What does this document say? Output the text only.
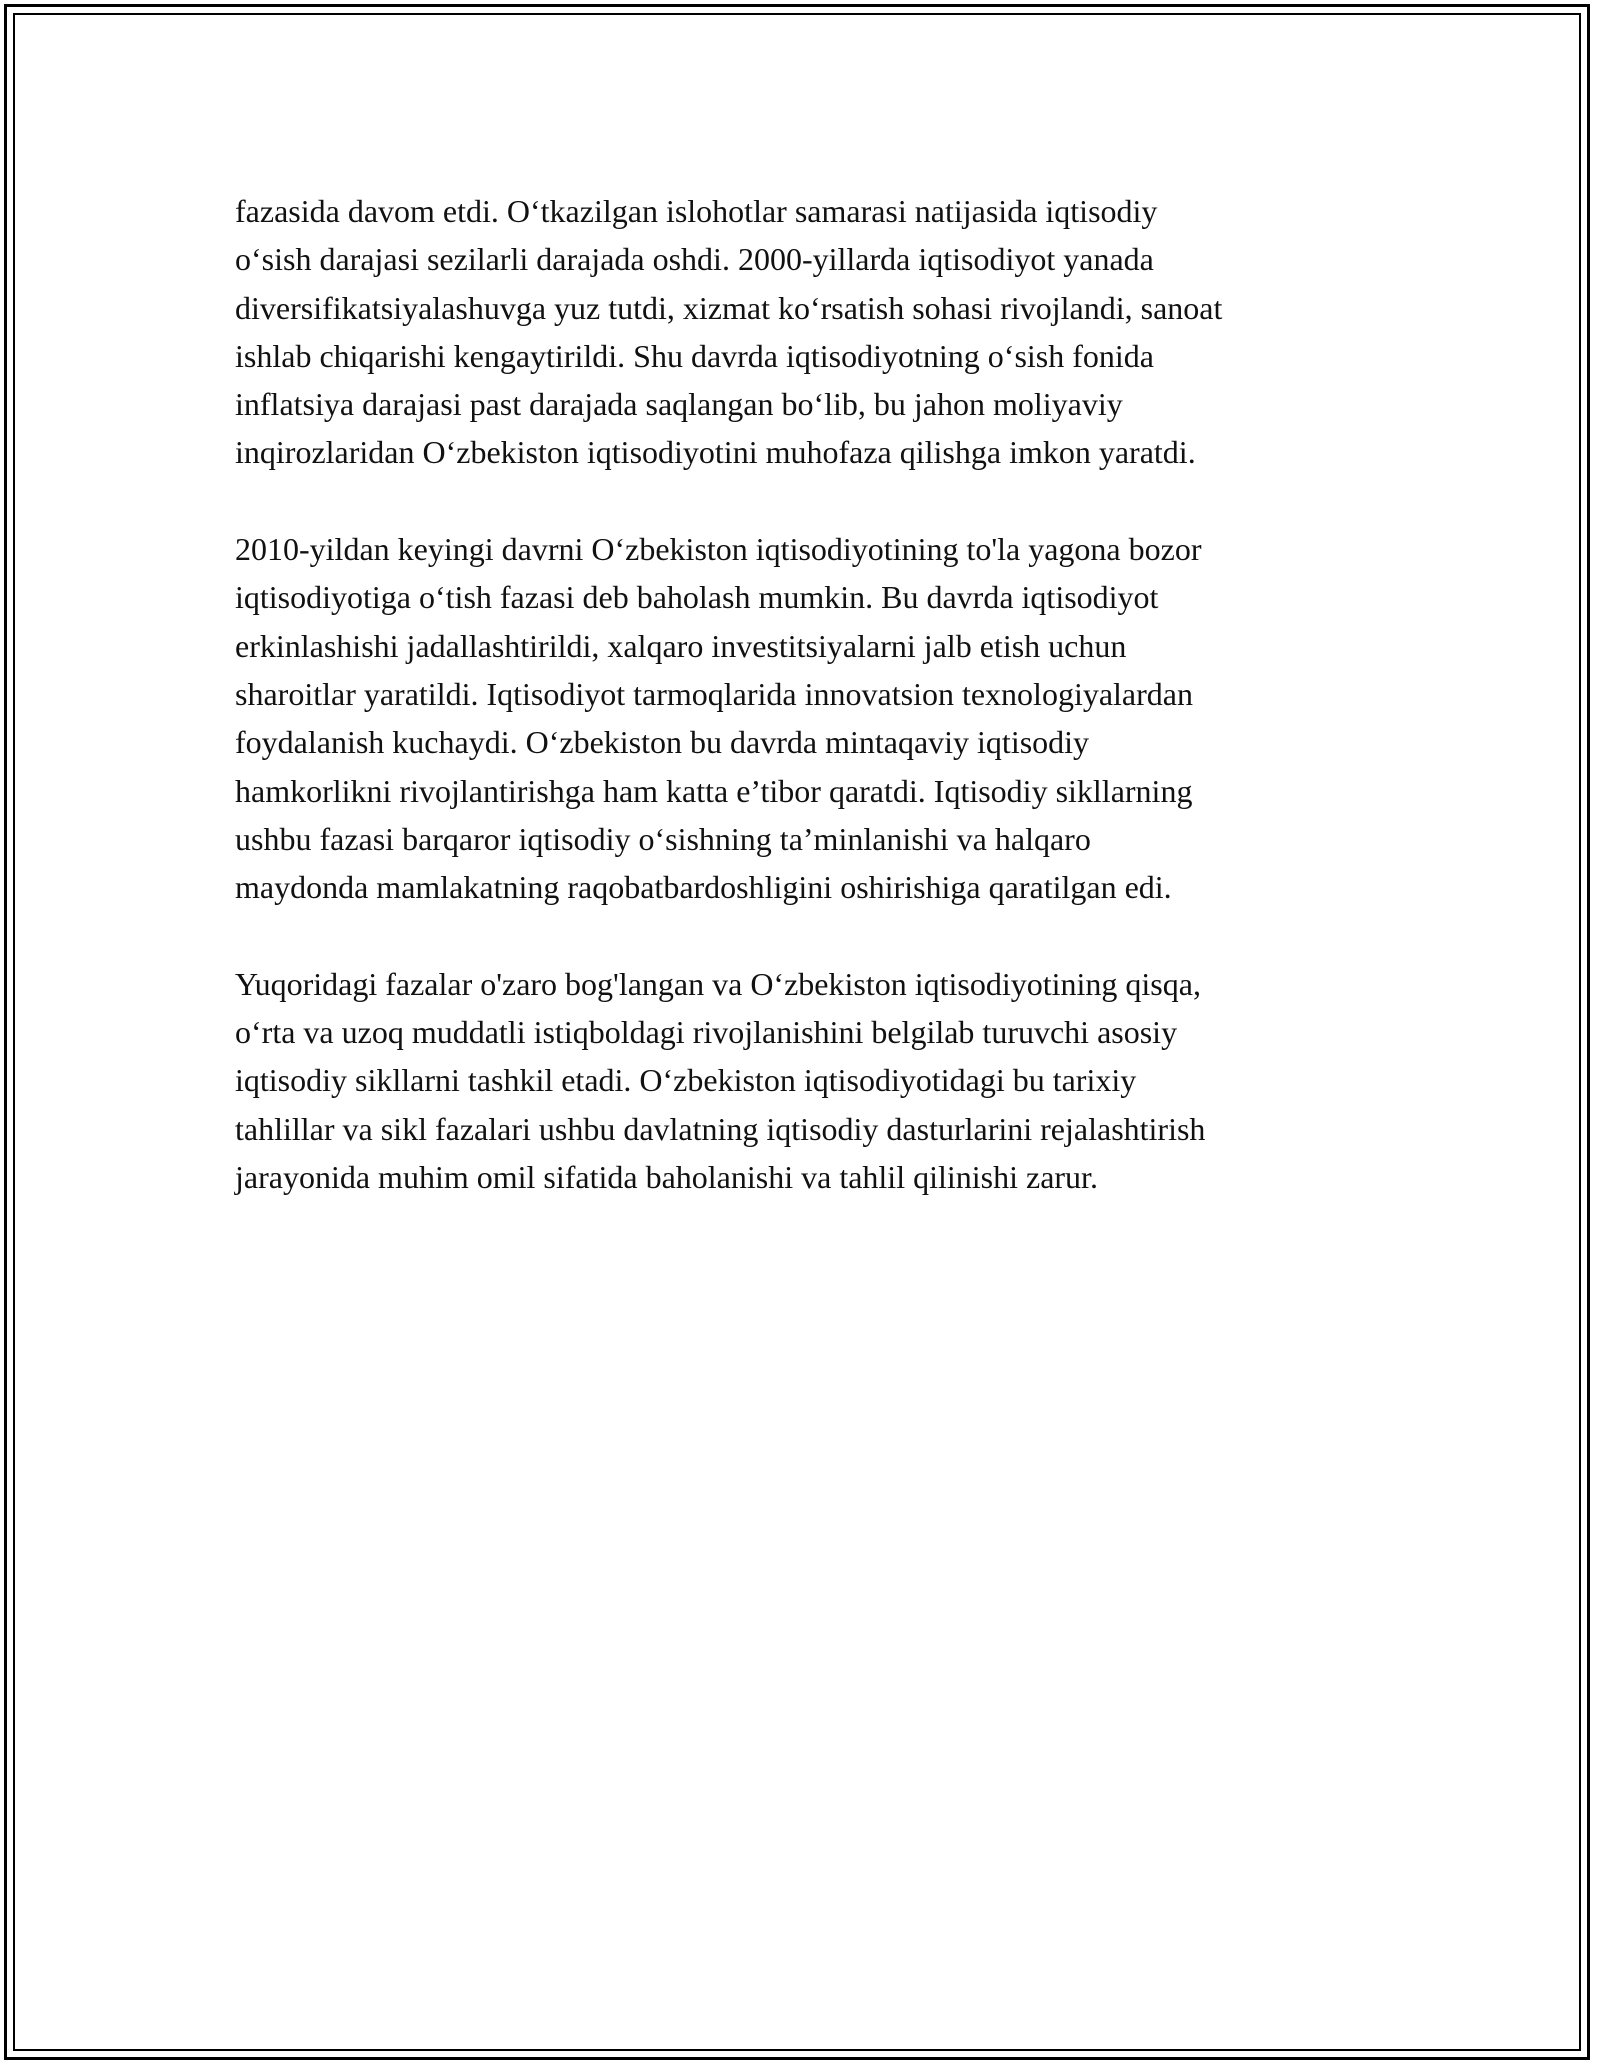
fazasida davom etdi. O‘tkazilgan islohotlar samarasi natijasida iqtisodiy
o‘sish darajasi sezilarli darajada oshdi. 2000-yillarda iqtisodiyot yanada
diversifikatsiyalashuvga yuz tutdi, xizmat ko‘rsatish sohasi rivojlandi, sanoat
ishlab chiqarishi kengaytirildi. Shu davrda iqtisodiyotning o‘sish fonida
inflatsiya darajasi past darajada saqlangan bo‘lib, bu jahon moliyaviy
inqirozlaridan O‘zbekiston iqtisodiyotini muhofaza qilishga imkon yaratdi.

2010-yildan keyingi davrni O‘zbekiston iqtisodiyotining to'la yagona bozor
iqtisodiyotiga o‘tish fazasi deb baholash mumkin. Bu davrda iqtisodiyot
erkinlashishi jadallashtirildi, xalqaro investitsiyalarni jalb etish uchun
sharoitlar yaratildi. Iqtisodiyot tarmoqlarida innovatsion texnologiyalardan
foydalanish kuchaydi. O‘zbekiston bu davrda mintaqaviy iqtisodiy
hamkorlikni rivojlantirishga ham katta e’tibor qaratdi. Iqtisodiy sikllarning
ushbu fazasi barqaror iqtisodiy o‘sishning ta’minlanishi va halqaro
maydonda mamlakatning raqobatbardoshligini oshirishiga qaratilgan edi.

Yuqoridagi fazalar o'zaro bog'langan va O‘zbekiston iqtisodiyotining qisqa,
o‘rta va uzoq muddatli istiqboldagi rivojlanishini belgilab turuvchi asosiy
iqtisodiy sikllarni tashkil etadi. O‘zbekiston iqtisodiyotidagi bu tarixiy
tahlillar va sikl fazalari ushbu davlatning iqtisodiy dasturlarini rejalashtirish
jarayonida muhim omil sifatida baholanishi va tahlil qilinishi zarur.
